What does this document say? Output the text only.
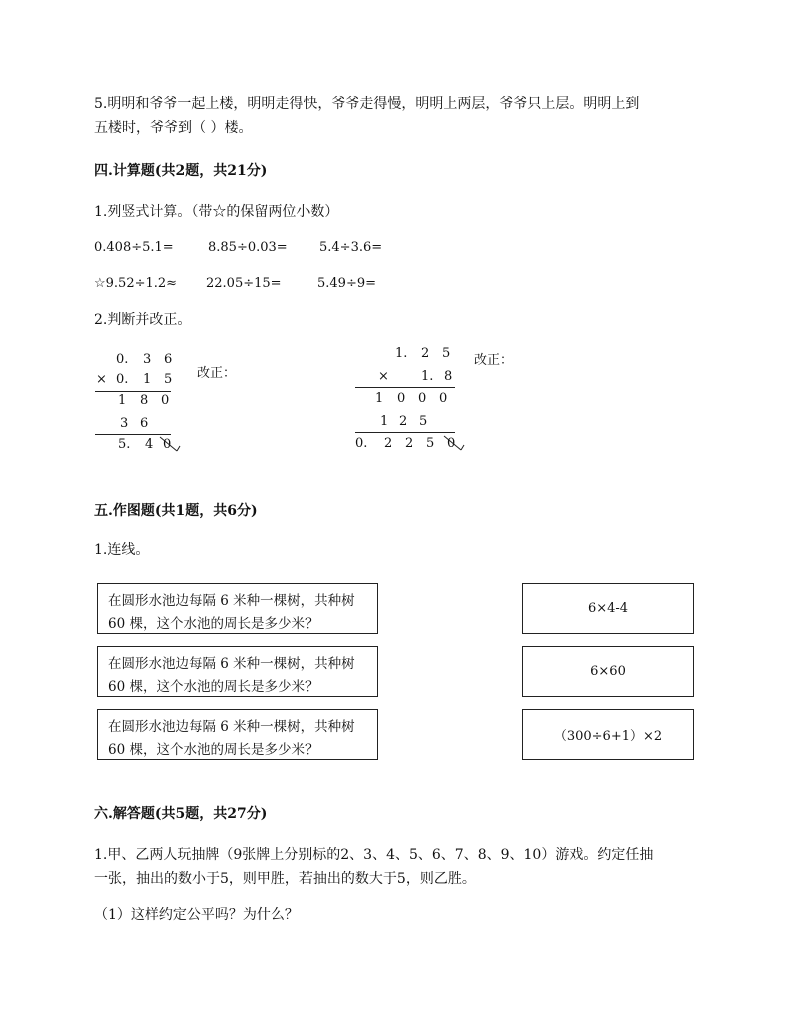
5.明明和爷爷一起上楼，明明走得快，爷爷走得慢，明明上两层，爷爷只上层。明明上到
五楼时，爷爷到（ ）楼。
四.计算题(共2题，共21分)
1.列竖式计算。（带☆的保留两位小数）
0.408÷5.1=	8.85÷0.03= 5.4÷3.6=
☆9.52÷1.2≈ 22.05÷15=	5.49÷9=
2.判断并改正。
0. 3 6
× 0. 1 5
1 8 0
3 6
5. 4 0
改正：
1. 2 5
× 1. 8
1 0 0 0
1 2 5
0. 2 2 5 0
改正：
五.作图题(共1题，共6分)
1.连线。
在圆形水池边每隔 6 米种一棵树，共种树 60 棵，这个水池的周长是多少米？
在圆形水池边每隔 6 米种一棵树，共种树 60 棵，这个水池的周长是多少米？
在圆形水池边每隔 6 米种一棵树，共种树 60 棵，这个水池的周长是多少米？
6×4-4
6×60
（300÷6+1）×2
六.解答题(共5题，共27分)
1.甲、乙两人玩抽牌（9张牌上分别标的2、3、4、5、6、7、8、9、10）游戏。约定任抽
一张，抽出的数小于5，则甲胜，若抽出的数大于5，则乙胜。
（1）这样约定公平吗？为什么？
